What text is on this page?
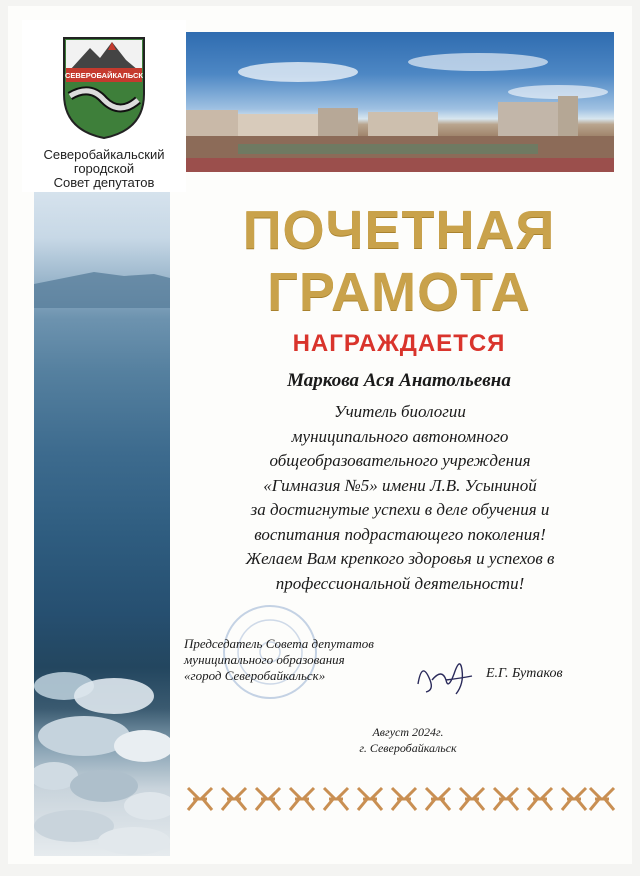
СЕВЕРОБАЙКАЛЬСК
Северобайкальский
городской
Совет депутатов
ПОЧЕТНАЯ
ГРАМОТА
НАГРАЖДАЕТСЯ
Маркова Ася Анатольевна
Учитель биологии
муниципального автономного
общеобразовательного учреждения
«Гимназия №5» имени Л.В. Усыниной
за достигнутые успехи в деле обучения и
воспитания подрастающего поколения!
Желаем Вам крепкого здоровья и успехов в
профессиональной деятельности!
Председатель Совета депутатов
муниципального образования
«город Северобайкальск»	Е.Г. Бутаков
Август 2024г.
г. Северобайкальск
